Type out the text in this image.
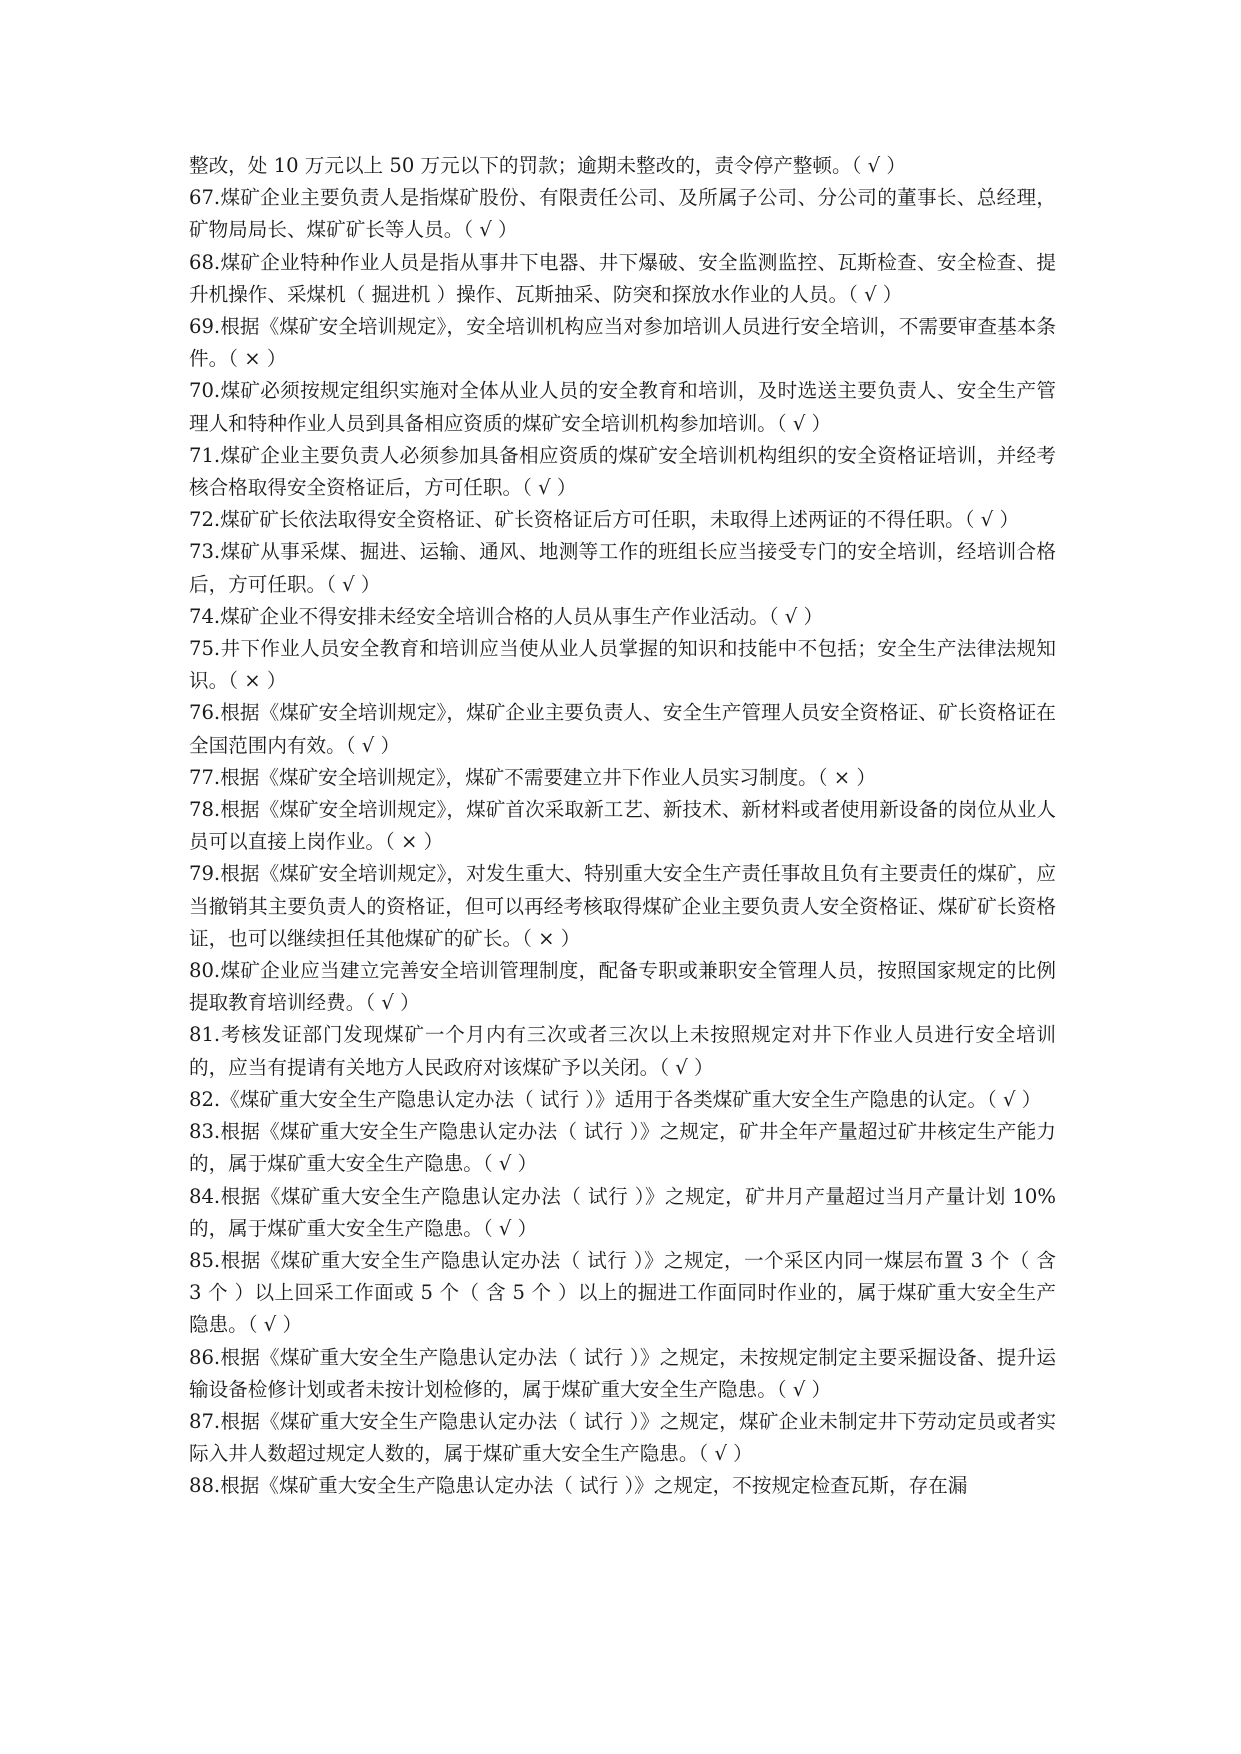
整改，处 10 万元以上 50 万元以下的罚款；逾期未整改的，责令停产整顿。（ √ ）

67.煤矿企业主要负责人是指煤矿股份、有限责任公司、及所属子公司、分公司的董事长、总经理，矿物局局长、煤矿矿长等人员。（ √ ）

68.煤矿企业特种作业人员是指从事井下电器、井下爆破、安全监测监控、瓦斯检查、安全检查、提升机操作、采煤机（ 掘进机 ）操作、瓦斯抽采、防突和探放水作业的人员。（ √ ）

69.根据《煤矿安全培训规定》，安全培训机构应当对参加培训人员进行安全培训，不需要审查基本条件。（ × ）

70.煤矿必须按规定组织实施对全体从业人员的安全教育和培训，及时选送主要负责人、安全生产管理人和特种作业人员到具备相应资质的煤矿安全培训机构参加培训。（ √ ）

71.煤矿企业主要负责人必须参加具备相应资质的煤矿安全培训机构组织的安全资格证培训，并经考核合格取得安全资格证后，方可任职。（ √ ）

72.煤矿矿长依法取得安全资格证、矿长资格证后方可任职，未取得上述两证的不得任职。（ √ ）

73.煤矿从事采煤、掘进、运输、通风、地测等工作的班组长应当接受专门的安全培训，经培训合格后，方可任职。（ √ ）

74.煤矿企业不得安排未经安全培训合格的人员从事生产作业活动。（ √ ）

75.井下作业人员安全教育和培训应当使从业人员掌握的知识和技能中不包括；安全生产法律法规知识。（ × ）

76.根据《煤矿安全培训规定》，煤矿企业主要负责人、安全生产管理人员安全资格证、矿长资格证在全国范围内有效。（ √ ）

77.根据《煤矿安全培训规定》，煤矿不需要建立井下作业人员实习制度。（ × ）

78.根据《煤矿安全培训规定》，煤矿首次采取新工艺、新技术、新材料或者使用新设备的岗位从业人员可以直接上岗作业。（ × ）

79.根据《煤矿安全培训规定》，对发生重大、特别重大安全生产责任事故且负有主要责任的煤矿，应当撤销其主要负责人的资格证，但可以再经考核取得煤矿企业主要负责人安全资格证、煤矿矿长资格证，也可以继续担任其他煤矿的矿长。（ × ）

80.煤矿企业应当建立完善安全培训管理制度，配备专职或兼职安全管理人员，按照国家规定的比例提取教育培训经费。（ √ ）

81.考核发证部门发现煤矿一个月内有三次或者三次以上未按照规定对井下作业人员进行安全培训的，应当有提请有关地方人民政府对该煤矿予以关闭。（ √ ）

82.《煤矿重大安全生产隐患认定办法（ 试行 ）》适用于各类煤矿重大安全生产隐患的认定。（ √ ）

83.根据《煤矿重大安全生产隐患认定办法（ 试行 ）》之规定，矿井全年产量超过矿井核定生产能力的，属于煤矿重大安全生产隐患。（ √ ）

84.根据《煤矿重大安全生产隐患认定办法（ 试行 ）》之规定，矿井月产量超过当月产量计划 10%的，属于煤矿重大安全生产隐患。（ √ ）

85.根据《煤矿重大安全生产隐患认定办法（ 试行 ）》之规定，一个采区内同一煤层布置 3 个（ 含 3 个 ）以上回采工作面或 5 个（ 含 5 个 ）以上的掘进工作面同时作业的，属于煤矿重大安全生产隐患。（ √ ）

86.根据《煤矿重大安全生产隐患认定办法（ 试行 ）》之规定，未按规定制定主要采掘设备、提升运输设备检修计划或者未按计划检修的，属于煤矿重大安全生产隐患。（ √ ）

87.根据《煤矿重大安全生产隐患认定办法（ 试行 ）》之规定，煤矿企业未制定井下劳动定员或者实际入井人数超过规定人数的，属于煤矿重大安全生产隐患。（ √ ）

88.根据《煤矿重大安全生产隐患认定办法（ 试行 ）》之规定，不按规定检查瓦斯，存在漏
